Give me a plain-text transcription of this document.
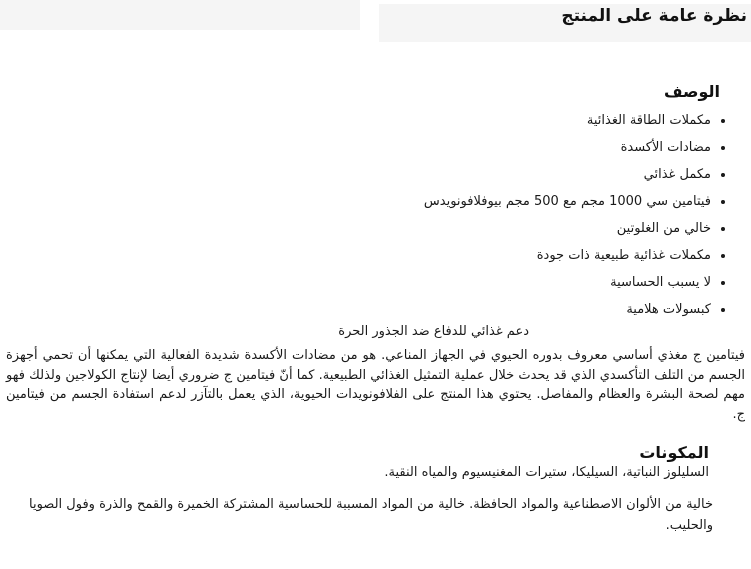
نظرة عامة على المنتج
الوصف
• مكملات الطاقة الغذائية
• مضادات الأكسدة
• مكمل غذائي
• فيتامين سي 1000 مجم مع 500 مجم بيوفلافونويدس
• خالي من الغلوتين
• مكملات غذائية طبيعية ذات جودة
• لا يسبب الحساسية
• كبسولات هلامية
دعم غذائي للدفاع ضد الجذور الحرة
فيتامين ج مغذي أساسي معروف بدوره الحيوي في الجهاز المناعي. هو من مضادات الأكسدة شديدة الفعالية التي يمكنها أن تحمي أجهزة الجسم من التلف التأكسدي الذي قد يحدث خلال عملية التمثيل الغذائي الطبيعية. كما أنّ فيتامين ج ضروري أيضا لإنتاج الكولاجين ولذلك فهو مهم لصحة البشرة والعظام والمفاصل. يحتوي هذا المنتج على الفلافونويدات الحيوية، الذي يعمل بالتآزر لدعم استفادة الجسم من فيتامين ج.
المكونات
السليلوز النباتية، السيليكا، ستيرات المغنيسيوم والمياه النقية.
خالية من الألوان الاصطناعية والمواد الحافظة. خالية من المواد المسببة للحساسية المشتركة الخميرة والقمح والذرة وفول الصويا والحليب.
